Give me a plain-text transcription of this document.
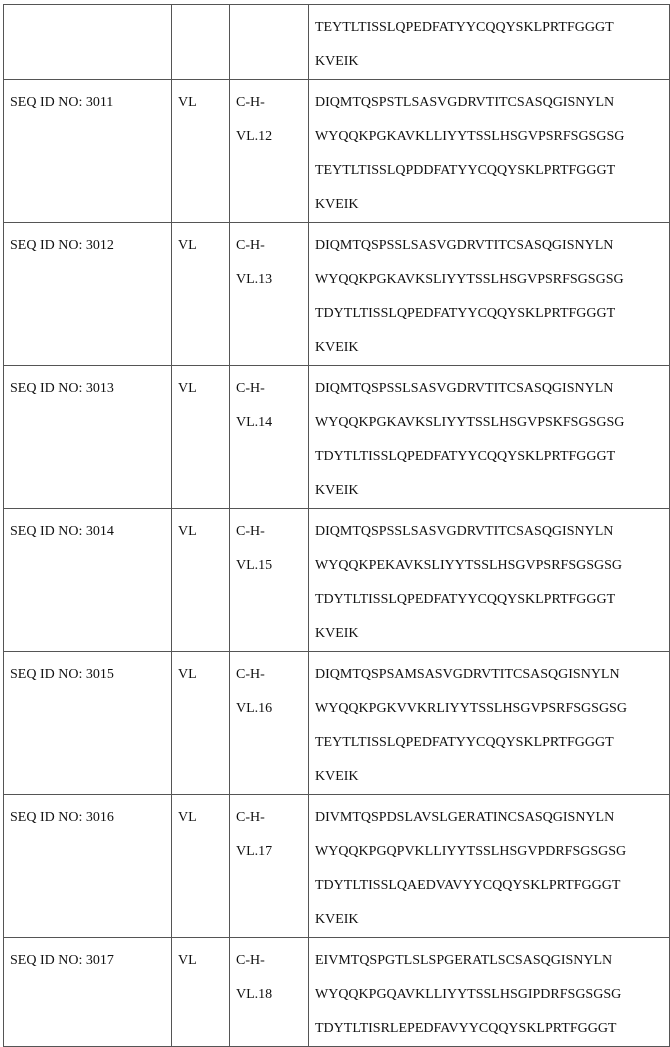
TEYTLTISSLQPEDFATYYCQQYSKLPRTFGGGT
KVEIK

SEQ ID NO: 3011	VL	C-H-
VL.12

DIQMTQSPSTLSASVGDRVTITCSASQGISNYLN
WYQQKPGKAVKLLIYYTSSLHSGVPSRFSGSGSG
TEYTLTISSLQPDDFATYYCQQYSKLPRTFGGGT
KVEIK

SEQ ID NO: 3012	VL	C-H-
VL.13

DIQMTQSPSSLSASVGDRVTITCSASQGISNYLN
WYQQKPGKAVKSLIYYTSSLHSGVPSRFSGSGSG
TDYTLTISSLQPEDFATYYCQQYSKLPRTFGGGT
KVEIK

SEQ ID NO: 3013	VL	C-H-
VL.14

DIQMTQSPSSLSASVGDRVTITCSASQGISNYLN
WYQQKPGKAVKSLIYYTSSLHSGVPSKFSGSGSG
TDYTLTISSLQPEDFATYYCQQYSKLPRTFGGGT
KVEIK

SEQ ID NO: 3014	VL	C-H-
VL.15

DIQMTQSPSSLSASVGDRVTITCSASQGISNYLN
WYQQKPEKAVKSLIYYTSSLHSGVPSRFSGSGSG
TDYTLTISSLQPEDFATYYCQQYSKLPRTFGGGT
KVEIK

SEQ ID NO: 3015	VL	C-H-
VL.16

DIQMTQSPSAMSASVGDRVTITCSASQGISNYLN
WYQQKPGKVVKRLIYYTSSLHSGVPSRFSGSGSG
TEYTLTISSLQPEDFATYYCQQYSKLPRTFGGGT
KVEIK

SEQ ID NO: 3016	VL	C-H-
VL.17

DIVMTQSPDSLAVSLGERATINCSASQGISNYLN
WYQQKPGQPVKLLIYYTSSLHSGVPDRFSGSGSG
TDYTLTISSLQAEDVAVYYCQQYSKLPRTFGGGT
KVEIK

SEQ ID NO: 3017	VL	C-H-
VL.18

EIVMTQSPGTLSLSPGERATLSCSASQGISNYLN
WYQQKPGQAVKLLIYYTSSLHSGIPDRFSGSGSG
TDYTLTISRLEPEDFAVYYCQQYSKLPRTFGGGT
